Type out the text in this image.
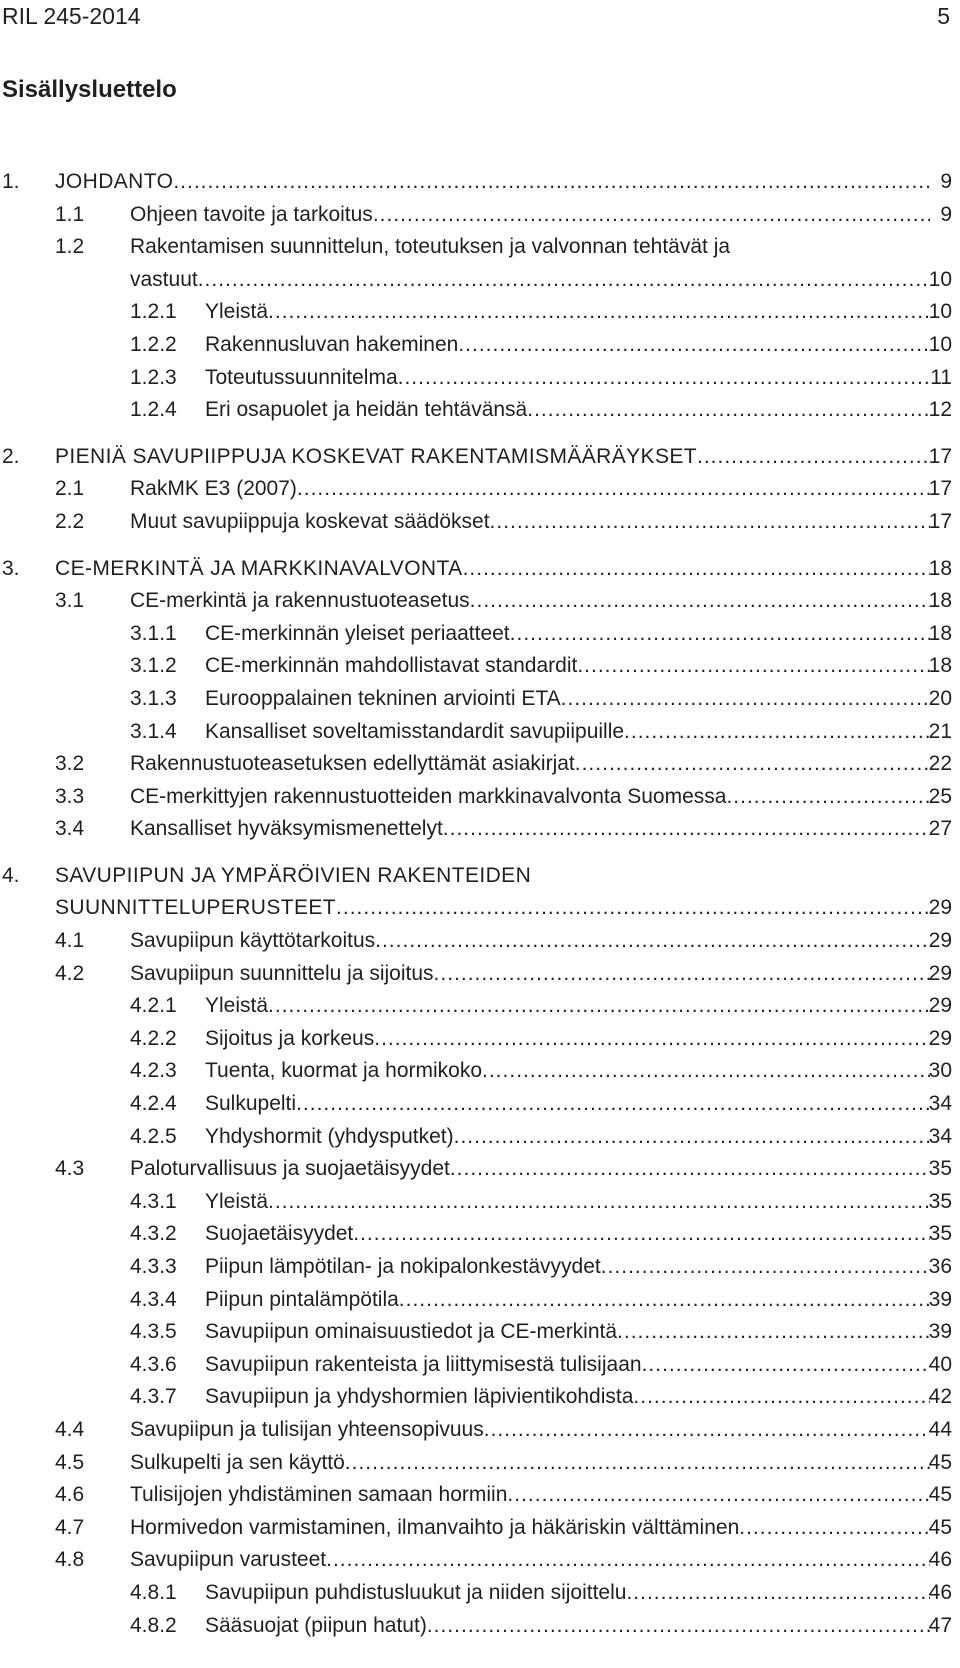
RIL 245-2014	5
Sisällysluettelo
1. JOHDANTO .....	9
1.1 Ohjeen tavoite ja tarkoitus .....	9
1.2 Rakentamisen suunnittelun, toteutuksen ja valvonnan tehtävät ja
vastuut .....	10
1.2.1 Yleistä .....	10
1.2.2 Rakennusluvan hakeminen .....	10
1.2.3 Toteutussuunnitelma .....	11
1.2.4 Eri osapuolet ja heidän tehtävänsä .....	12
2. PIENIÄ SAVUPIIPPUJA KOSKEVAT RAKENTAMISMÄÄRÄYKSET .....	17
2.1 RakMK E3 (2007) .....	17
2.2 Muut savupiippuja koskevat säädökset .....	17
3. CE-MERKINTÄ JA MARKKINAVALVONTA .....	18
3.1 CE-merkintä ja rakennustuoteasetus .....	18
3.1.1 CE-merkinnän yleiset periaatteet .....	18
3.1.2 CE-merkinnän mahdollistavat standardit .....	18
3.1.3 Eurooppalainen tekninen arviointi ETA .....	20
3.1.4 Kansalliset soveltamisstandardit savupiipuille .....	21
3.2 Rakennustuoteasetuksen edellyttämät asiakirjat .....	22
3.3 CE-merkittyjen rakennustuotteiden markkinavalvonta Suomessa .....	25
3.4 Kansalliset hyväksymismenettelyt .....	27
4. SAVUPIIPUN JA YMPÄRÖIVIEN RAKENTEIDEN
SUUNNITTELUPERUSTEET .....	29
4.1 Savupiipun käyttötarkoitus .....	29
4.2 Savupiipun suunnittelu ja sijoitus .....	29
4.2.1 Yleistä .....	29
4.2.2 Sijoitus ja korkeus .....	29
4.2.3 Tuenta, kuormat ja hormikoko .....	30
4.2.4 Sulkupelti .....	34
4.2.5 Yhdyshormit (yhdysputket) .....	34
4.3 Paloturvallisuus ja suojaetäisyydet .....	35
4.3.1 Yleistä .....	35
4.3.2 Suojaetäisyydet .....	35
4.3.3 Piipun lämpötilan- ja nokipalonkestävyydet .....	36
4.3.4 Piipun pintalämpötila .....	39
4.3.5 Savupiipun ominaisuustiedot ja CE-merkintä .....	39
4.3.6 Savupiipun rakenteista ja liittymisestä tulisijaan .....	40
4.3.7 Savupiipun ja yhdyshormien läpivientikohdista .....	42
4.4 Savupiipun ja tulisijan yhteensopivuus .....	44
4.5 Sulkupelti ja sen käyttö .....	45
4.6 Tulisijojen yhdistäminen samaan hormiin .....	45
4.7 Hormivedon varmistaminen, ilmanvaihto ja häkäriskin välttäminen .....	45
4.8 Savupiipun varusteet .....	46
4.8.1 Savupiipun puhdistusluukut ja niiden sijoittelu .....	46
4.8.2 Sääsuojat (piipun hatut) .....	47
